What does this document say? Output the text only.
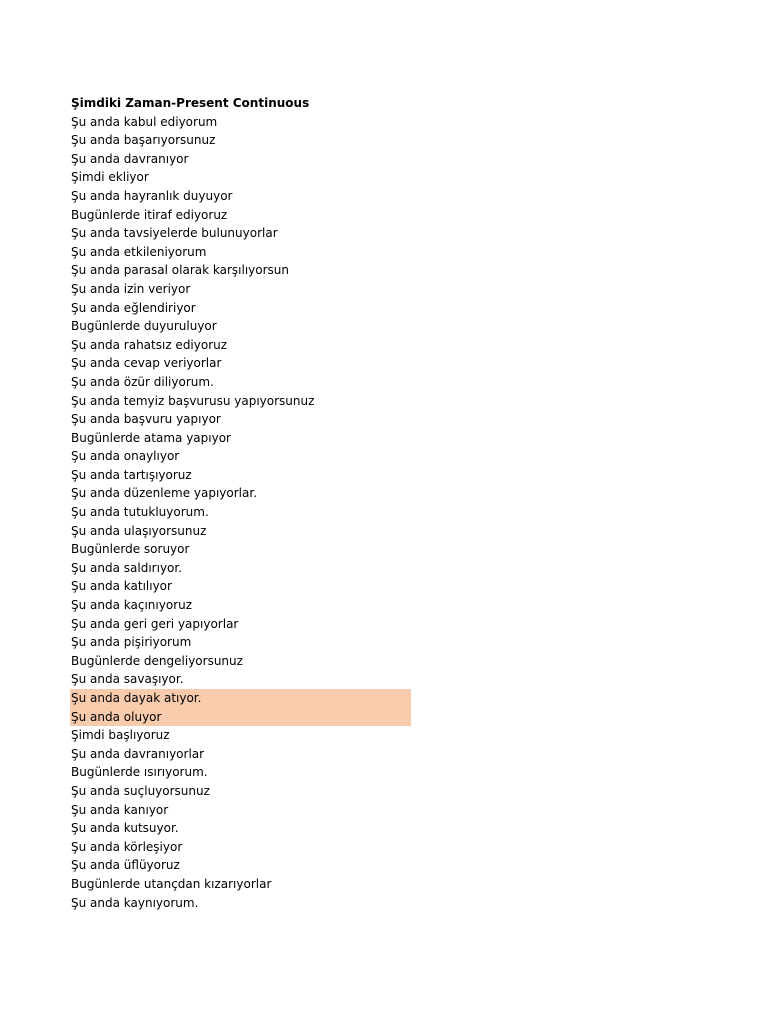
Şimdiki Zaman-Present Continuous
Şu anda kabul ediyorum
Şu anda başarıyorsunuz
Şu anda davranıyor
Şimdi ekliyor
Şu anda hayranlık duyuyor
Bugünlerde itiraf ediyoruz
Şu anda tavsiyelerde bulunuyorlar
Şu anda etkileniyorum
Şu anda parasal olarak karşılıyorsun
Şu anda izin veriyor
Şu anda eğlendiriyor
Bugünlerde duyuruluyor
Şu anda rahatsız ediyoruz
Şu anda cevap veriyorlar
Şu anda özür diliyorum.
Şu anda temyiz başvurusu yapıyorsunuz
Şu anda başvuru yapıyor
Bugünlerde atama yapıyor
Şu anda onaylıyor
Şu anda tartışıyoruz
Şu anda düzenleme yapıyorlar.
Şu anda tutukluyorum.
Şu anda ulaşıyorsunuz
Bugünlerde soruyor
Şu anda saldırıyor.
Şu anda katılıyor
Şu anda kaçınıyoruz
Şu anda geri geri yapıyorlar
Şu anda pişiriyorum
Bugünlerde dengeliyorsunuz
Şu anda savaşıyor.
Şu anda dayak atıyor.
Şu anda oluyor
Şimdi başlıyoruz
Şu anda davranıyorlar
Bugünlerde ısırıyorum.
Şu anda suçluyorsunuz
Şu anda kanıyor
Şu anda kutsuyor.
Şu anda körleşiyor
Şu anda üflüyoruz
Bugünlerde utançdan kızarıyorlar
Şu anda kaynıyorum.
